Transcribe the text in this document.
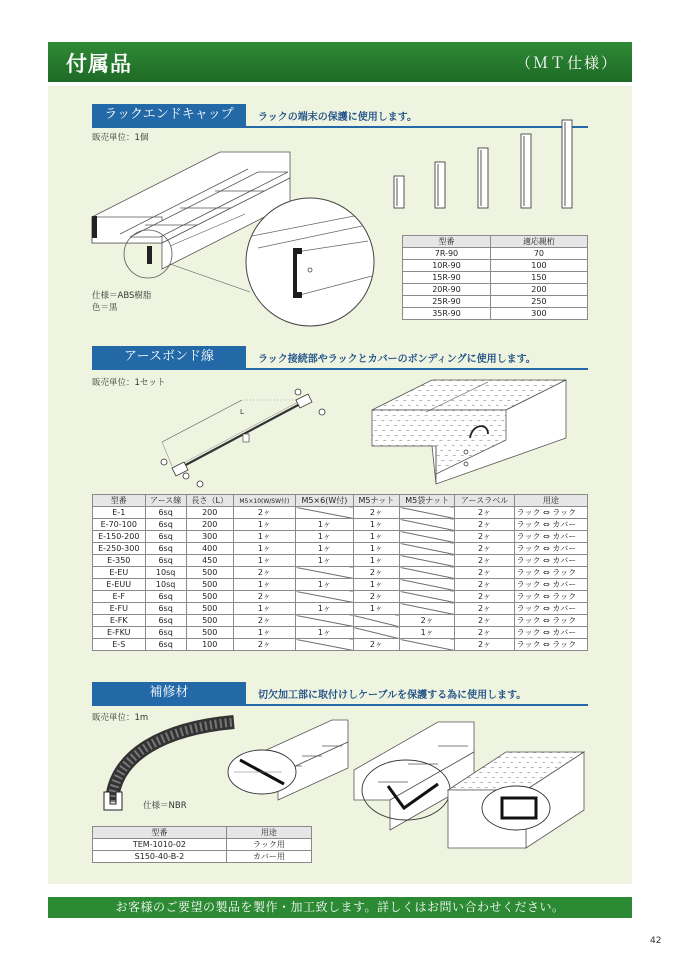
付属品	（ＭＴ仕様）
ラックエンドキャップ	ラックの端末の保護に使用します。
販売単位：1個
型番	適応親桁
7R-90	70
10R-90	100
15R-90	150
20R-90	200
25R-90	250
35R-90	300
仕様＝ABS樹脂
色＝黒
アースボンド線	ラック接続部やラックとカバーのボンディングに使用します。
販売単位：1セット
L
型番	アース線	長さ（L）	M5×10(W/SW付)	M5×6(W付)	M5ナット	M5袋ナット	アースラベル	用途
E-1	6sq	200	2ヶ		2ヶ		2ヶ	ラック ⇔ ラック
E-70-100	6sq	200	1ヶ	1ヶ	1ヶ		2ヶ	ラック ⇔ カバー
E-150-200	6sq	300	1ヶ	1ヶ	1ヶ		2ヶ	ラック ⇔ カバー
E-250-300	6sq	400	1ヶ	1ヶ	1ヶ		2ヶ	ラック ⇔ カバー
E-350	6sq	450	1ヶ	1ヶ	1ヶ		2ヶ	ラック ⇔ カバー
E-EU	10sq	500	2ヶ		2ヶ		2ヶ	ラック ⇔ ラック
E-EUU	10sq	500	1ヶ	1ヶ	1ヶ		2ヶ	ラック ⇔ カバー
E-F	6sq	500	2ヶ		2ヶ		2ヶ	ラック ⇔ ラック
E-FU	6sq	500	1ヶ	1ヶ	1ヶ		2ヶ	ラック ⇔ カバー
E-FK	6sq	500	2ヶ			2ヶ	2ヶ	ラック ⇔ ラック
E-FKU	6sq	500	1ヶ	1ヶ		1ヶ	2ヶ	ラック ⇔ カバー
E-S	6sq	100	2ヶ		2ヶ		2ヶ	ラック ⇔ ラック
補修材	切欠加工部に取付けしケーブルを保護する為に使用します。
販売単位：1m
仕様＝NBR
型番	用途
TEM-1010-02	ラック用
S150-40-B-2	カバー用
お客様のご要望の製品を製作・加工致します。詳しくはお問い合わせください。
42
